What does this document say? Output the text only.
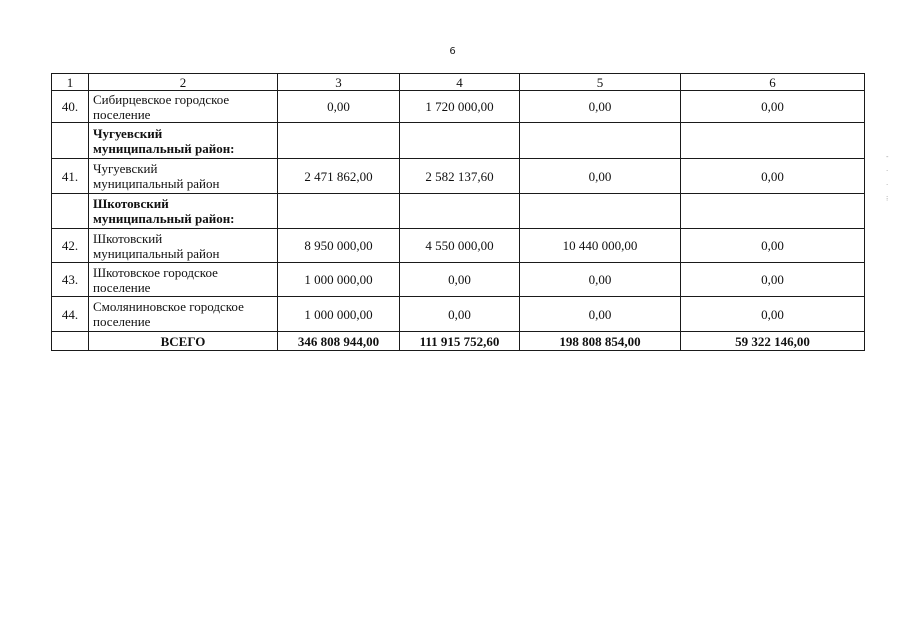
6
1	2	3	4	5	6
40.	Сибирцевское городское
поселение	0,00	1 720 000,00	0,00	0,00
	Чугуевский
муниципальный район:				
41.	Чугуевский
муниципальный район	2 471 862,00	2 582 137,60	0,00	0,00
	Шкотовский
муниципальный район:				
42.	Шкотовский
муниципальный район	8 950 000,00	4 550 000,00	10 440 000,00	0,00
43.	Шкотовское городское
поселение	1 000 000,00	0,00	0,00	0,00
44.	Смоляниновское городское
поселение	1 000 000,00	0,00	0,00	0,00
	ВСЕГО	346 808 944,00	111 915 752,60	198 808 854,00	59 322 146,00
‐
·
·
⁝
